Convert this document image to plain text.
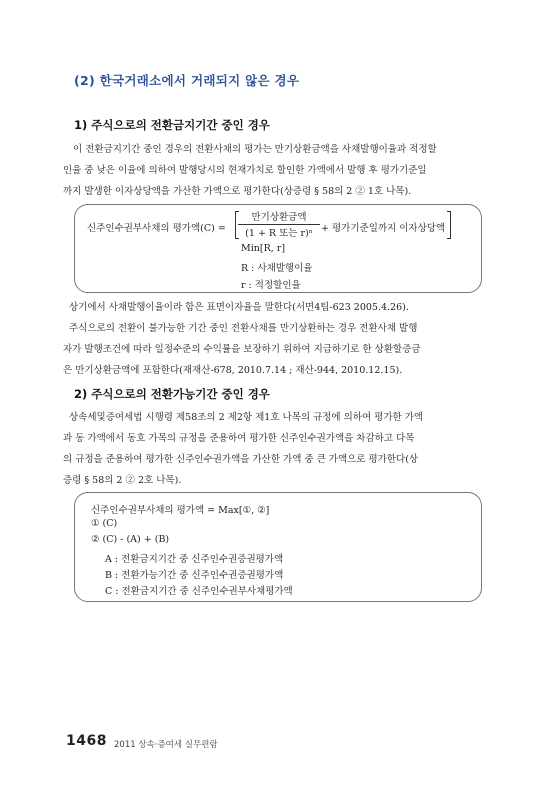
(2) 한국거래소에서 거래되지 않은 경우
1) 주식으로의 전환금지기간 중인 경우

이 전환금지기간 중인 경우의 전환사채의 평가는 만기상환금액을 사채발행이율과 적정할
인율 중 낮은 이율에 의하여 발행당시의 현재가치로 할인한 가액에서 발행 후 평가기준일
까지 발생한 이자상당액을 가산한 가액으로 평가한다(상증령 § 58의 2 ② 1호 나목).

신주인수권부사채의 평가액(C) =
만기상환금액
(1 + R 또는 r)ⁿ + 평가기준일까지 이자상당액
Min[R, r]
R : 사채발행이율
r : 적정할인율

상기에서 사채발행이율이라 함은 표면이자율을 말한다(서면4팀-623 2005.4.26).
주식으로의 전환이 불가능한 기간 중인 전환사채를 만기상환하는 경우 전환사채 발행
자가 발행조건에 따라 일정수준의 수익률을 보장하기 위하여 지급하기로 한 상환할증금
은 만기상환금액에 포함한다(재재산-678, 2010.7.14 ; 재산-944, 2010.12.15).

2) 주식으로의 전환가능기간 중인 경우

상속세및증여세법 시행령 제58조의 2 제2항 제1호 나목의 규정에 의하여 평가한 가액
과 동 가액에서 동호 가목의 규정을 준용하여 평가한 신주인수권가액을 차감하고 다목
의 규정을 준용하여 평가한 신주인수권가액을 가산한 가액 중 큰 가액으로 평가한다(상
증령 § 58의 2 ② 2호 나목).

신주인수권부사채의 평가액 = Max[①, ②]
① (C)
② (C) - (A) + (B)
A : 전환금지기간 중 신주인수권증권평가액
B : 전환가능기간 중 신주인수권증권평가액
C : 전환금지기간 중 신주인수권부사채평가액
1468 2011 상속·증여세 실무편람
